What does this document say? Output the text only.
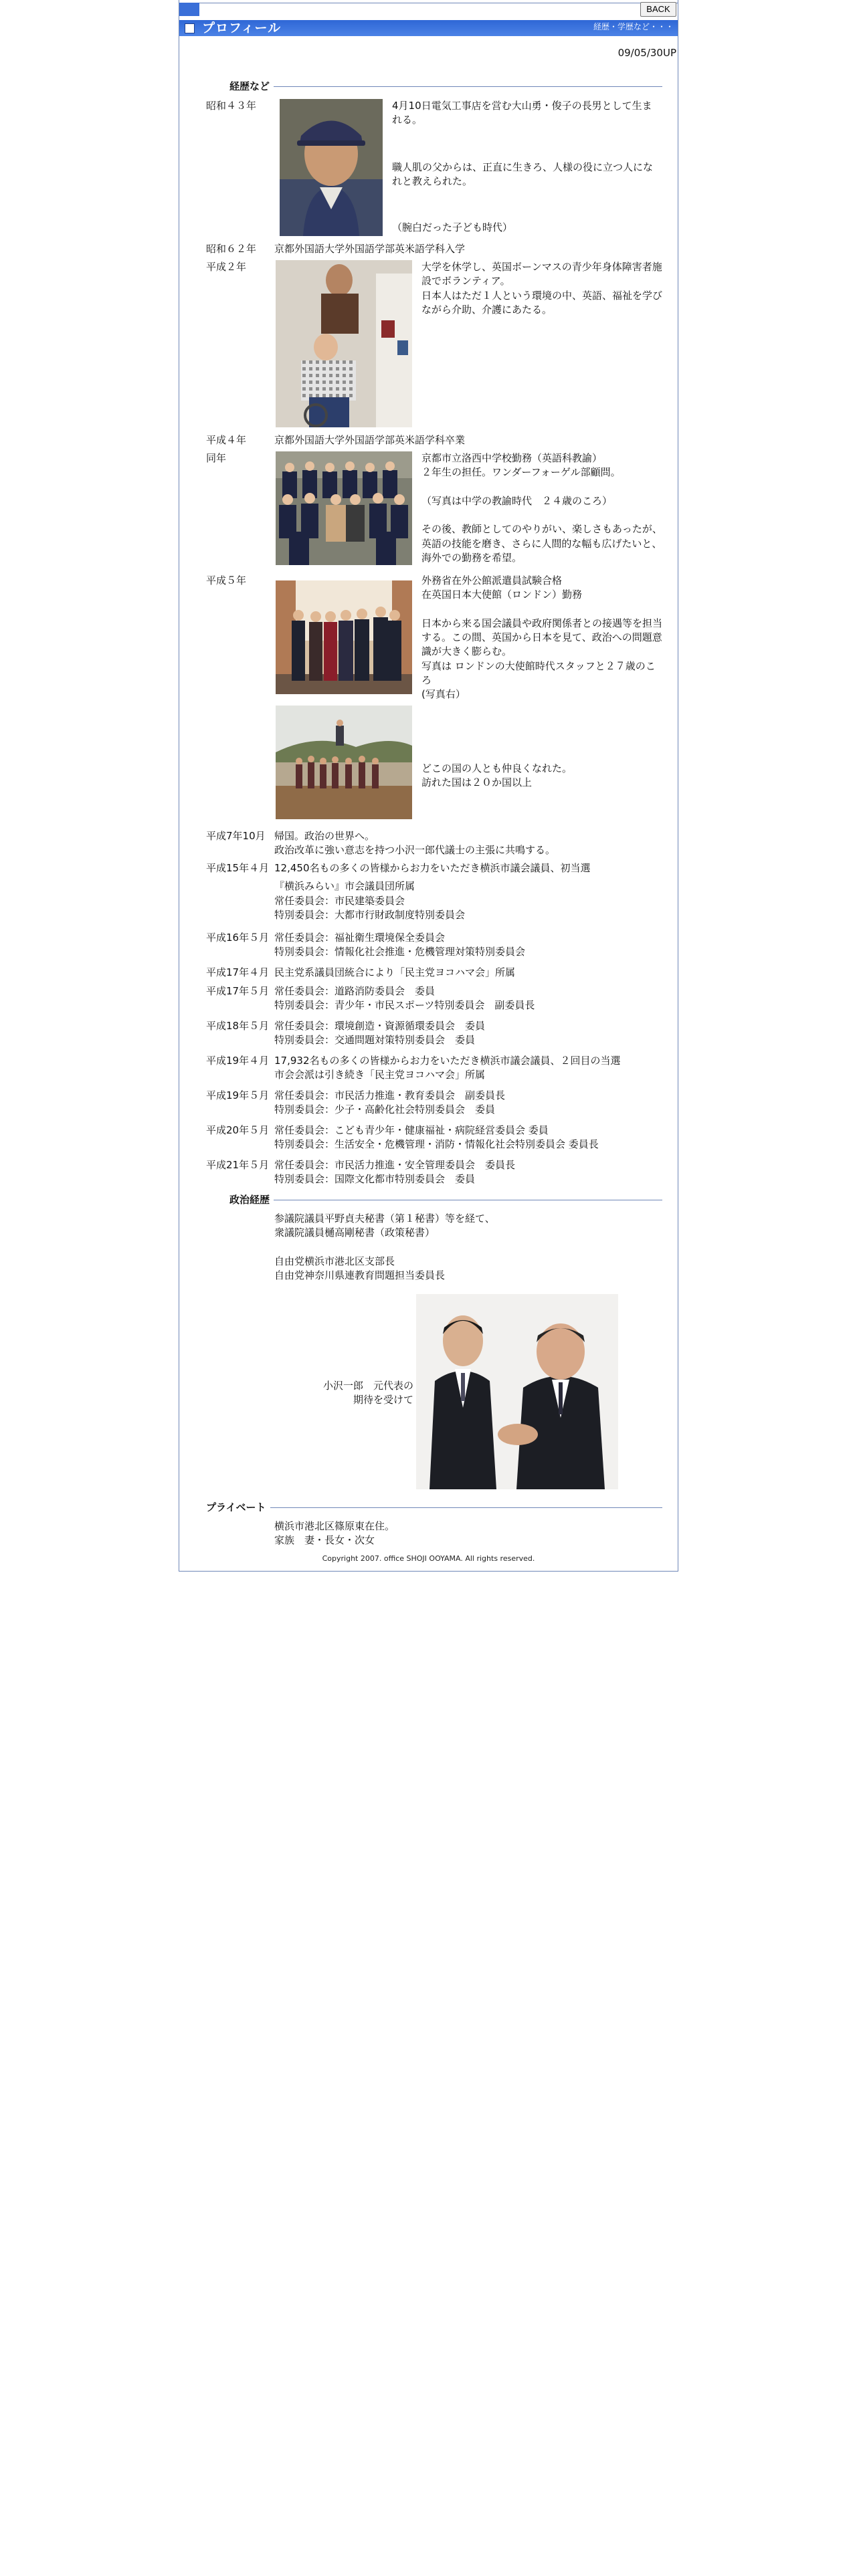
BACK
プロフィール	経歴・学歴など・・・
09/05/30UP
経歴など
昭和４３年	4月10日電気工事店を営む大山勇・俊子の長男として生まれる。

職人肌の父からは、正直に生きろ、人様の役に立つ人になれと教えられた。

（腕白だった子ども時代）

昭和６２年 京都外国語大学外国語学部英米語学科入学
平成２年	大学を休学し、英国ボーンマスの青少年身体障害者施設でボランティア。

日本人はただ１人という環境の中、英語、福祉を学びながら介助、介護にあたる。

平成４年	京都外国語大学外国語学部英米語学科卒業
同年	京都市立洛西中学校勤務（英語科教諭）

２年生の担任。ワンダーフォーゲル部顧問。

（写真は中学の教諭時代　２４歳のころ）

その後、教師としてのやりがい、楽しさもあったが、英語の技能を磨き、さらに人間的な幅も広げたいと、海外での勤務を希望。

平成５年	外務省在外公館派遣員試験合格

在英国日本大使館（ロンドン）勤務

日本から来る国会議員や政府関係者との接遇等を担当する。この間、英国から日本を見て、政治への問題意識が大きく膨らむ。

写真は ロンドンの大使館時代スタッフと２７歳のころ

(写真右）

どこの国の人とも仲良くなれた。

訪れた国は２０か国以上

平成7年10月 帰国。政治の世界へ。

政治改革に強い意志を持つ小沢一郎代議士の主張に共鳴する。

平成15年４月 12,450名もの多くの皆様からお力をいただき横浜市議会議員、初当選

『横浜みらい』市会議員団所属

常任委員会：市民建築委員会

特別委員会：大都市行財政制度特別委員会

平成16年５月 常任委員会：福祉衛生環境保全委員会

特別委員会：情報化社会推進・危機管理対策特別委員会

平成17年４月 民主党系議員団統合により「民主党ヨコハマ会」所属
平成17年５月 常任委員会：道路消防委員会　委員

特別委員会：青少年・市民スポーツ特別委員会　副委員長

平成18年５月 常任委員会：環境創造・資源循環委員会　委員

特別委員会：交通問題対策特別委員会　委員

平成19年４月 17,932名もの多くの皆様からお力をいただき横浜市議会議員、２回目の当選

市会会派は引き続き「民主党ヨコハマ会」所属

平成19年５月 常任委員会：市民活力推進・教育委員会　副委員長

特別委員会：少子・高齢化社会特別委員会　委員

平成20年５月 常任委員会：こども青少年・健康福祉・病院経営委員会 委員

特別委員会：生活安全・危機管理・消防・情報化社会特別委員会 委員長

平成21年５月 常任委員会：市民活力推進・安全管理委員会　委員長

特別委員会：国際文化都市特別委員会　委員

政治経歴

参議院議員平野貞夫秘書（第１秘書）等を経て、

衆議院議員樋高剛秘書（政策秘書）

自由党横浜市港北区支部長

自由党神奈川県連教育問題担当委員長

小沢一郎　元代表の

期待を受けて

プライベート

横浜市港北区篠原東在住。

家族　妻・長女・次女

Copyright 2007. office SHOJI OOYAMA. All rights reserved.
